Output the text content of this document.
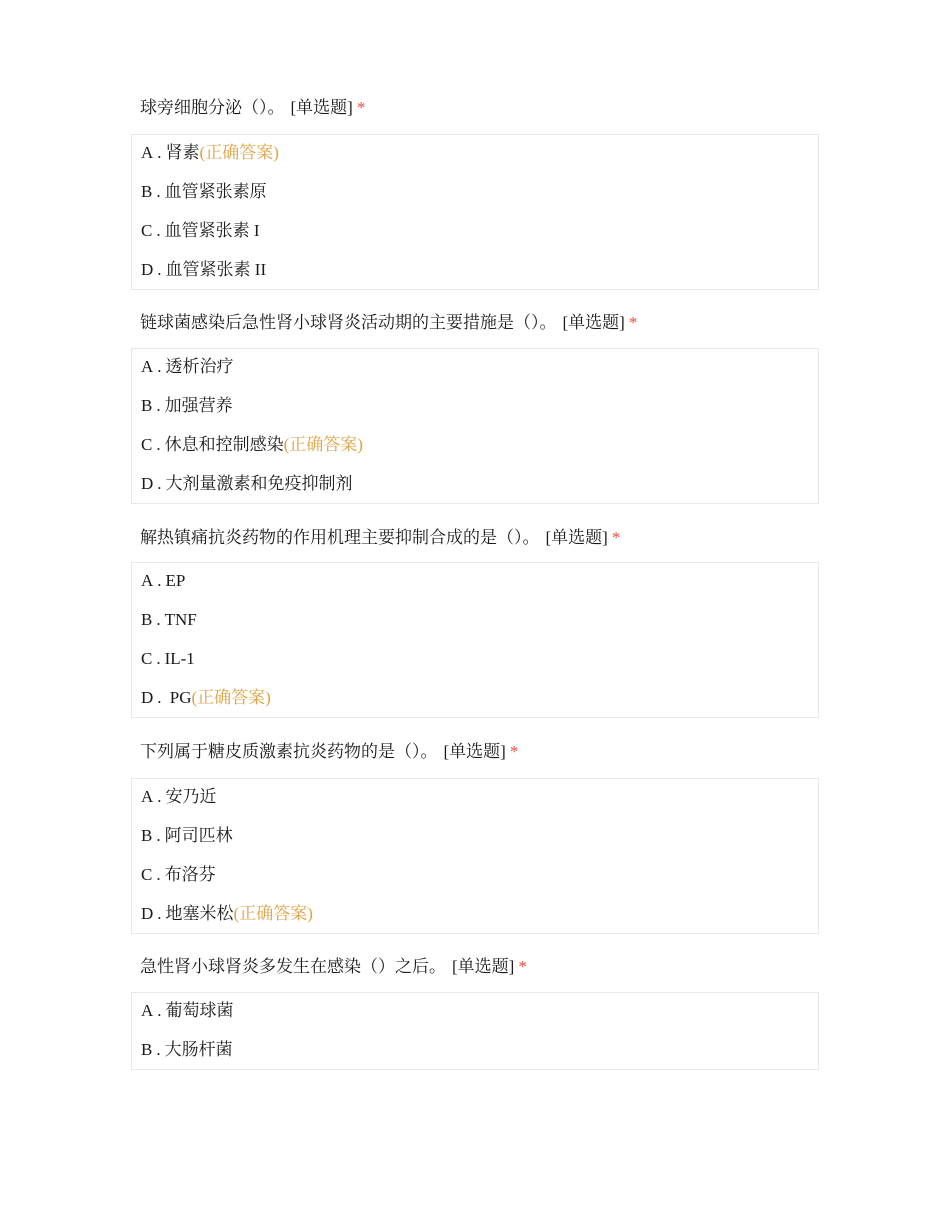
球旁细胞分泌（）。 [单选题] *
A . 肾素(正确答案)
B . 血管紧张素原
C . 血管紧张素 I
D . 血管紧张素 II
链球菌感染后急性肾小球肾炎活动期的主要措施是（）。 [单选题] *
A . 透析治疗
B . 加强营养
C . 休息和控制感染(正确答案)
D . 大剂量激素和免疫抑制剂
解热镇痛抗炎药物的作用机理主要抑制合成的是（）。 [单选题] *
A . EP
B . TNF
C . IL-1
D . PG(正确答案)
下列属于糖皮质激素抗炎药物的是（）。 [单选题] *
A . 安乃近
B . 阿司匹林
C . 布洛芬
D . 地塞米松(正确答案)
急性肾小球肾炎多发生在感染（）之后。 [单选题] *
A . 葡萄球菌
B . 大肠杆菌
